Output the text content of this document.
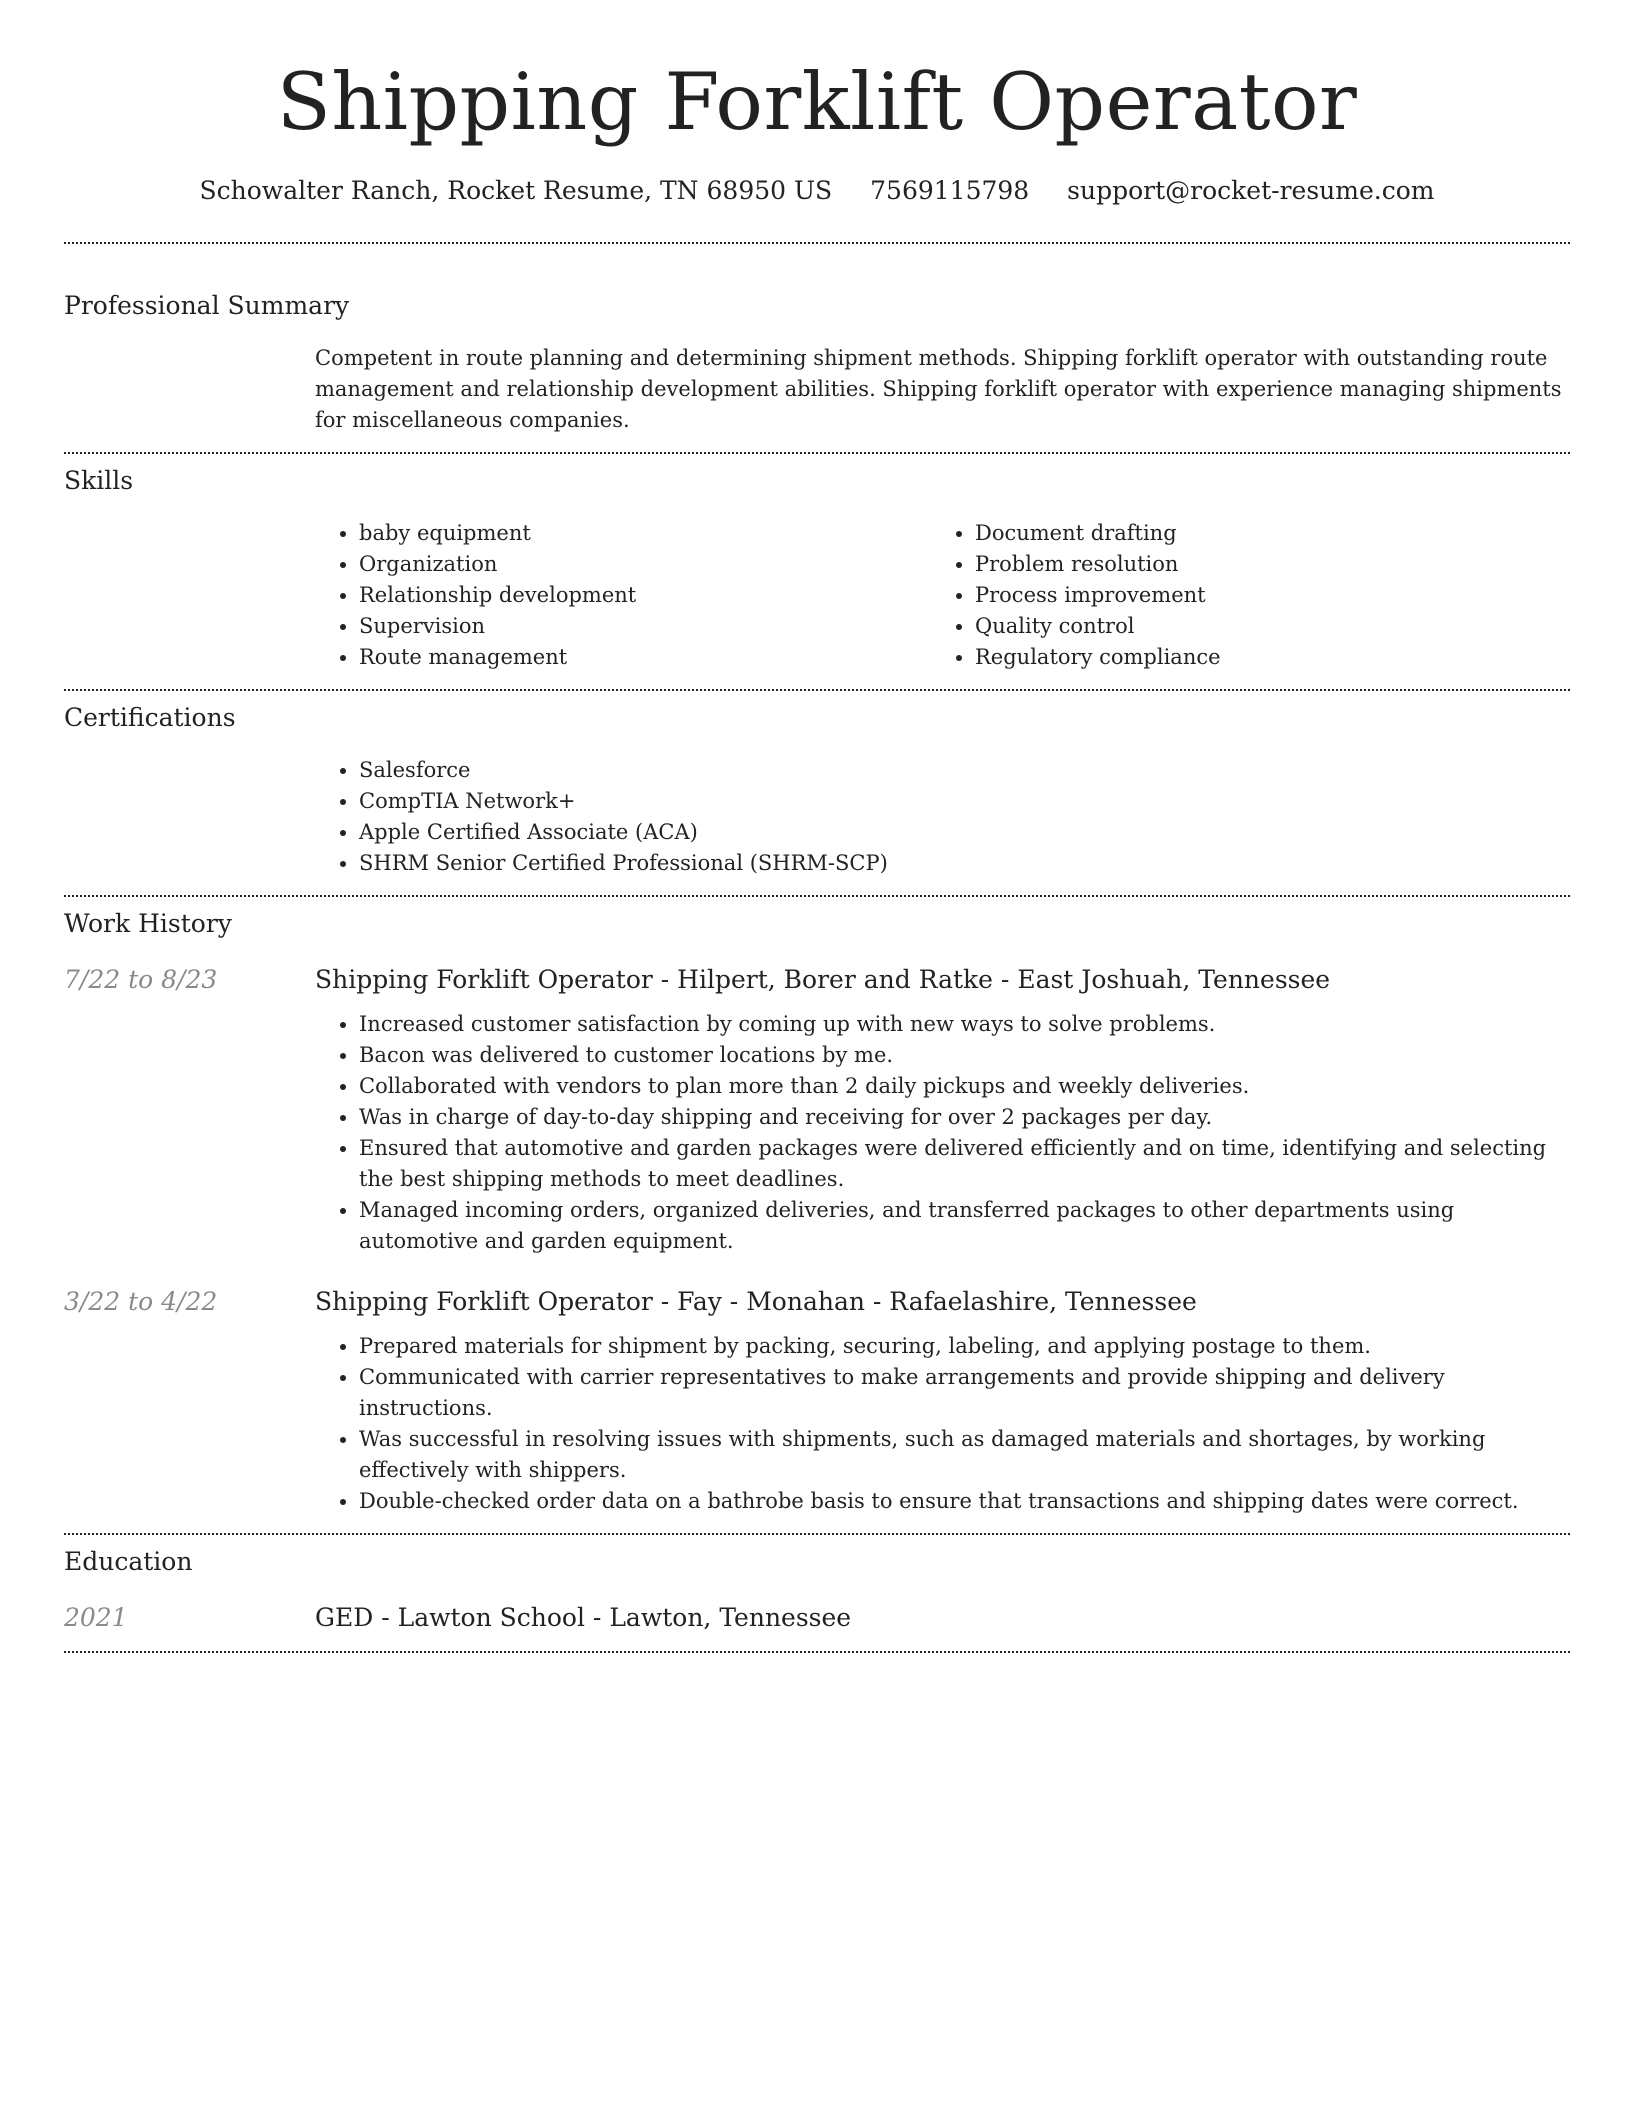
Shipping Forklift Operator
Schowalter Ranch, Rocket Resume, TN 68950 US 7569115798 support@rocket-resume.com
Professional Summary

Competent in route planning and determining shipment methods. Shipping forklift operator with outstanding route management and relationship development abilities. Shipping forklift operator with experience managing shipments for miscellaneous companies.

Skills
• baby equipment
• Organization
• Relationship development
• Supervision
• Route management
• Document drafting
• Problem resolution
• Process improvement
• Quality control
• Regulatory compliance
Certifications
• Salesforce
• CompTIA Network+
• Apple Certified Associate (ACA)
• SHRM Senior Certified Professional (SHRM-SCP)
Work History
7/22 to 8/23	Shipping Forklift Operator - Hilpert, Borer and Ratke - East Joshuah, Tennessee
• Increased customer satisfaction by coming up with new ways to solve problems.
• Bacon was delivered to customer locations by me.
• Collaborated with vendors to plan more than 2 daily pickups and weekly deliveries.
• Was in charge of day-to-day shipping and receiving for over 2 packages per day.
• Ensured that automotive and garden packages were delivered efficiently and on time, identifying and selecting the best shipping methods to meet deadlines.
• Managed incoming orders, organized deliveries, and transferred packages to other departments using automotive and garden equipment.
3/22 to 4/22	Shipping Forklift Operator - Fay - Monahan - Rafaelashire, Tennessee
• Prepared materials for shipment by packing, securing, labeling, and applying postage to them.
• Communicated with carrier representatives to make arrangements and provide shipping and delivery instructions.
• Was successful in resolving issues with shipments, such as damaged materials and shortages, by working effectively with shippers.
• Double-checked order data on a bathrobe basis to ensure that transactions and shipping dates were correct.
Education
2021	GED - Lawton School - Lawton, Tennessee
